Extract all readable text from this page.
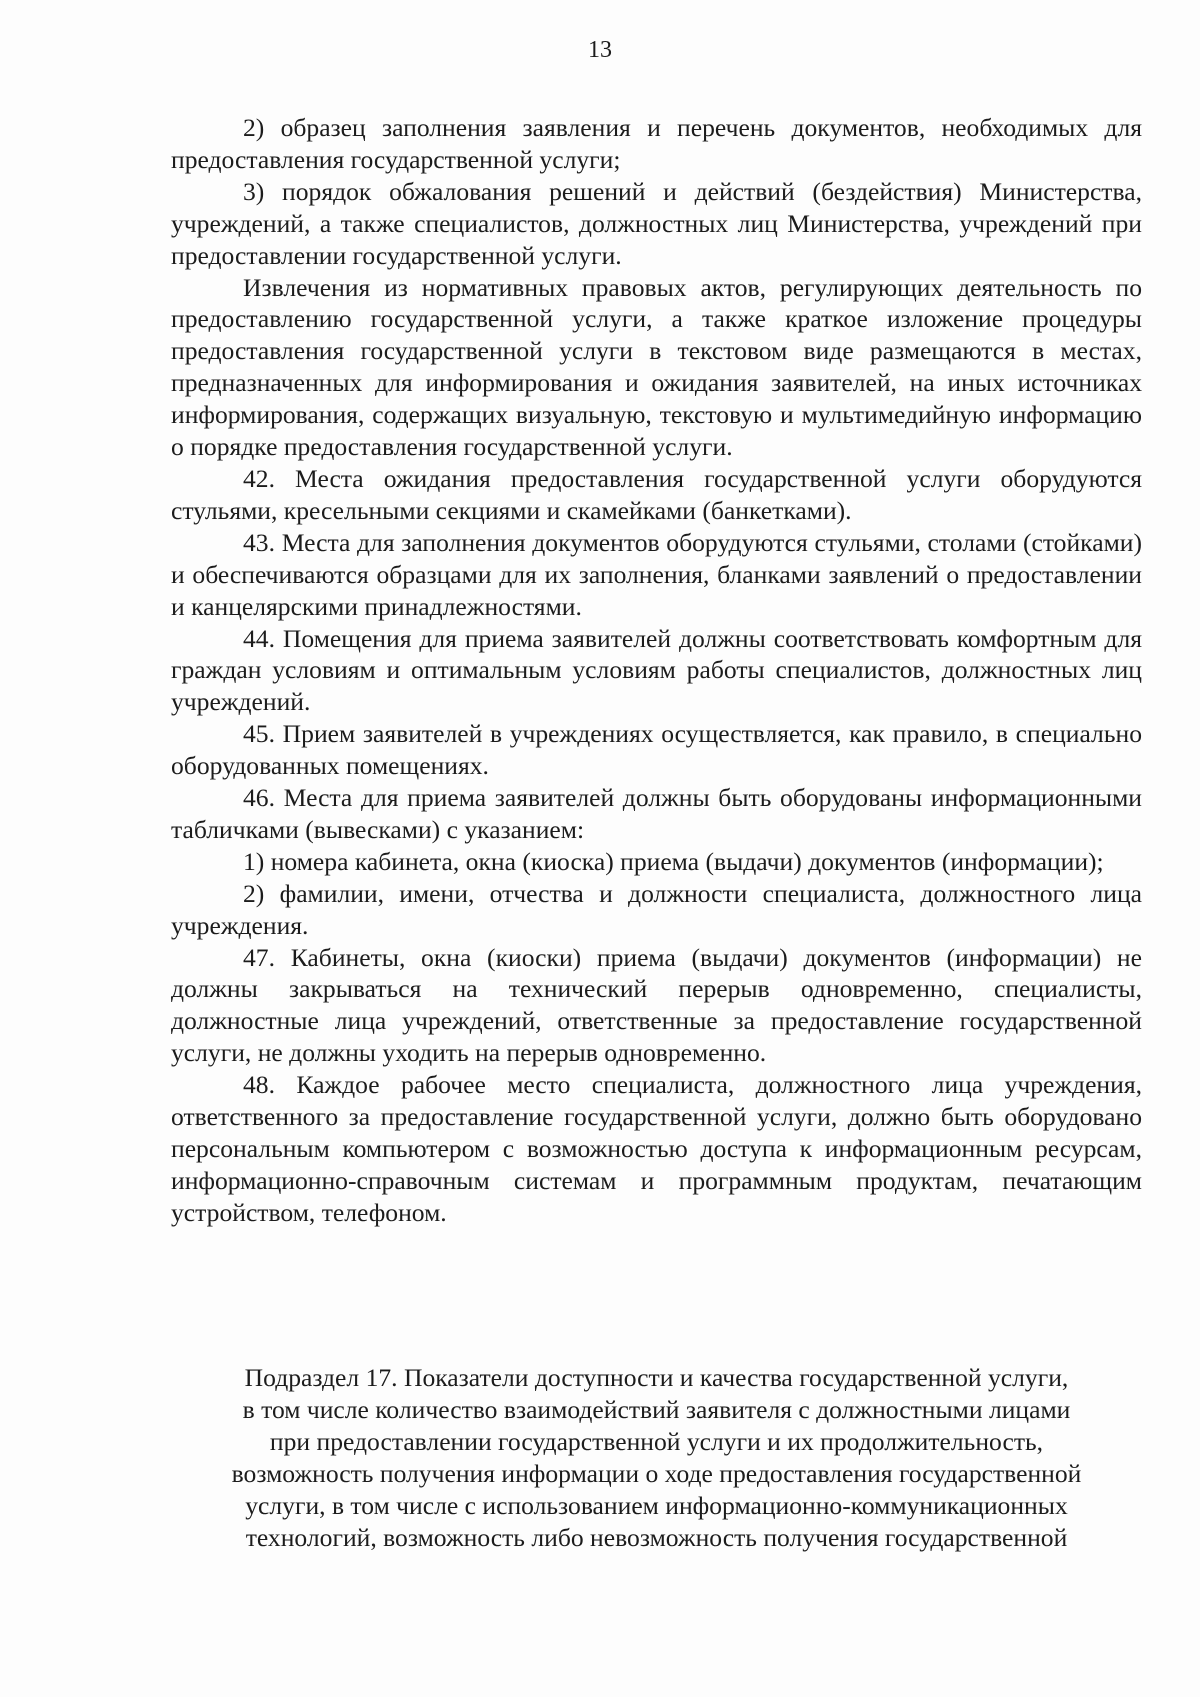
13

2) образец заполнения заявления и перечень документов, необходимых для предоставления государственной услуги;

3) порядок обжалования решений и действий (бездействия) Министерства, учреждений, а также специалистов, должностных лиц Министерства, учреждений при предоставлении государственной услуги.

Извлечения из нормативных правовых актов, регулирующих деятельность по предоставлению государственной услуги, а также краткое изложение процедуры предоставления государственной услуги в текстовом виде размещаются в местах, предназначенных для информирования и ожидания заявителей, на иных источниках информирования, содержащих визуальную, текстовую и мультимедийную информацию о порядке предоставления государственной услуги.

42. Места ожидания предоставления государственной услуги оборудуются стульями, кресельными секциями и скамейками (банкетками).

43. Места для заполнения документов оборудуются стульями, столами (стойками) и обеспечиваются образцами для их заполнения, бланками заявлений о предоставлении и канцелярскими принадлежностями.

44. Помещения для приема заявителей должны соответствовать комфортным для граждан условиям и оптимальным условиям работы специалистов, должностных лиц учреждений.

45. Прием заявителей в учреждениях осуществляется, как правило, в специально оборудованных помещениях.

46. Места для приема заявителей должны быть оборудованы информационными табличками (вывесками) с указанием:

1) номера кабинета, окна (киоска) приема (выдачи) документов (информации);

2) фамилии, имени, отчества и должности специалиста, должностного лица учреждения.

47. Кабинеты, окна (киоски) приема (выдачи) документов (информации) не должны закрываться на технический перерыв одновременно, специалисты, должностные лица учреждений, ответственные за предоставление государственной услуги, не должны уходить на перерыв одновременно.

48. Каждое рабочее место специалиста, должностного лица учреждения, ответственного за предоставление государственной услуги, должно быть оборудовано персональным компьютером с возможностью доступа к информационным ресурсам, информационно-справочным системам и программным продуктам, печатающим устройством, телефоном.

Подраздел 17. Показатели доступности и качества государственной услуги,
в том числе количество взаимодействий заявителя с должностными лицами
при предоставлении государственной услуги и их продолжительность,
возможность получения информации о ходе предоставления государственной
услуги, в том числе с использованием информационно-коммуникационных
технологий, возможность либо невозможность получения государственной
